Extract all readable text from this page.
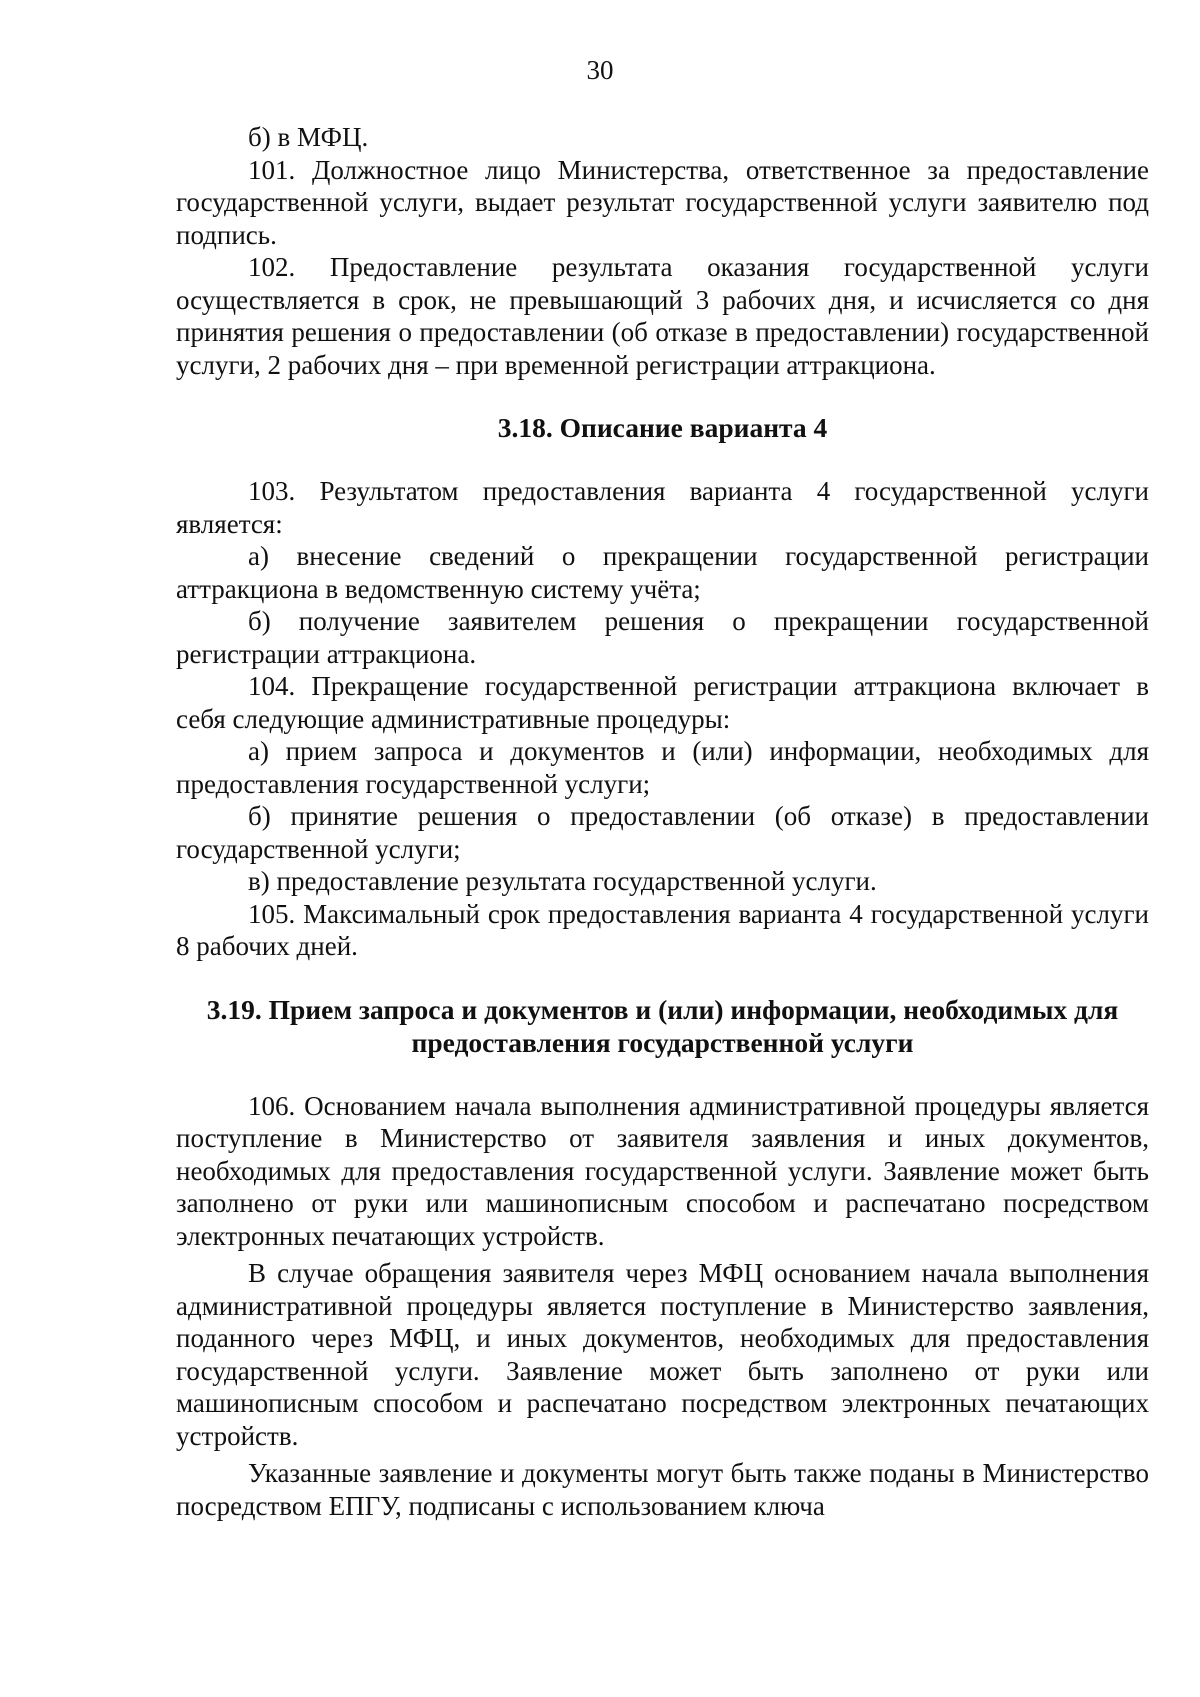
30

б) в МФЦ.

101. Должностное лицо Министерства, ответственное за предоставление государственной услуги, выдает результат государственной услуги заявителю под подпись.

102. Предоставление результата оказания государственной услуги осуществляется в срок, не превышающий 3 рабочих дня, и исчисляется со дня принятия решения о предоставлении (об отказе в предоставлении) государственной услуги, 2 рабочих дня – при временной регистрации аттракциона.

3.18. Описание варианта 4

103. Результатом предоставления варианта 4 государственной услуги является:

а) внесение сведений о прекращении государственной регистрации аттракциона в ведомственную систему учёта;

б) получение заявителем решения о прекращении государственной регистрации аттракциона.

104. Прекращение государственной регистрации аттракциона включает в себя следующие административные процедуры:

а) прием запроса и документов и (или) информации, необходимых для предоставления государственной услуги;

б) принятие решения о предоставлении (об отказе) в предоставлении государственной услуги;

в) предоставление результата государственной услуги.

105. Максимальный срок предоставления варианта 4 государственной услуги 8 рабочих дней.

3.19. Прием запроса и документов и (или) информации, необходимых для
предоставления государственной услуги

106. Основанием начала выполнения административной процедуры является поступление в Министерство от заявителя заявления и иных документов, необходимых для предоставления государственной услуги. Заявление может быть заполнено от руки или машинописным способом и распечатано посредством электронных печатающих устройств.

В случае обращения заявителя через МФЦ основанием начала выполнения административной процедуры является поступление в Министерство заявления, поданного через МФЦ, и иных документов, необходимых для предоставления государственной услуги. Заявление может быть заполнено от руки или машинописным способом и распечатано посредством электронных печатающих устройств.

Указанные заявление и документы могут быть также поданы в Министерство посредством ЕПГУ, подписаны с использованием ключа
